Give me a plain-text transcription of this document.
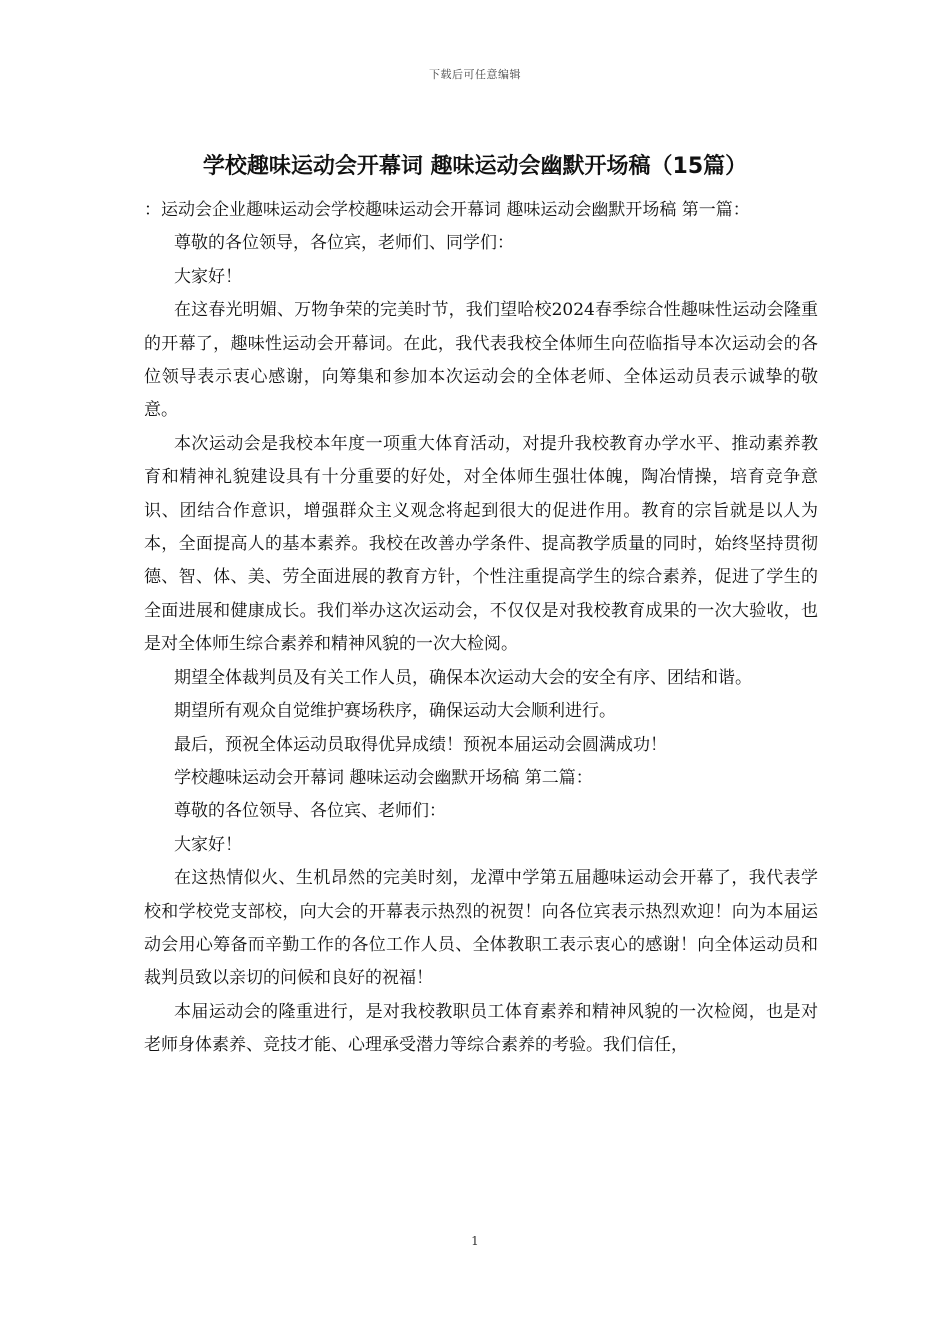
下载后可任意编辑
学校趣味运动会开幕词 趣味运动会幽默开场稿（15篇）

：运动会企业趣味运动会学校趣味运动会开幕词 趣味运动会幽默开场稿 第一篇：

尊敬的各位领导，各位宾，老师们、同学们：

大家好！

在这春光明媚、万物争荣的完美时节，我们望哈校2024春季综合性趣味性运动会隆重的开幕了，趣味性运动会开幕词。在此，我代表我校全体师生向莅临指导本次运动会的各位领导表示衷心感谢，向筹集和参加本次运动会的全体老师、全体运动员表示诚挚的敬意。

本次运动会是我校本年度一项重大体育活动，对提升我校教育办学水平、推动素养教育和精神礼貌建设具有十分重要的好处，对全体师生强壮体魄，陶冶情操，培育竞争意识、团结合作意识，增强群众主义观念将起到很大的促进作用。教育的宗旨就是以人为本，全面提高人的基本素养。我校在改善办学条件、提高教学质量的同时，始终坚持贯彻德、智、体、美、劳全面进展的教育方针，个性注重提高学生的综合素养，促进了学生的全面进展和健康成长。我们举办这次运动会，不仅仅是对我校教育成果的一次大验收，也是对全体师生综合素养和精神风貌的一次大检阅。

期望全体裁判员及有关工作人员，确保本次运动大会的安全有序、团结和谐。

期望所有观众自觉维护赛场秩序，确保运动大会顺利进行。

最后，预祝全体运动员取得优异成绩！预祝本届运动会圆满成功！

学校趣味运动会开幕词 趣味运动会幽默开场稿 第二篇：

尊敬的各位领导、各位宾、老师们：

大家好！

在这热情似火、生机昂然的完美时刻，龙潭中学第五届趣味运动会开幕了，我代表学校和学校党支部校，向大会的开幕表示热烈的祝贺！向各位宾表示热烈欢迎！向为本届运动会用心筹备而辛勤工作的各位工作人员、全体教职工表示衷心的感谢！向全体运动员和裁判员致以亲切的问候和良好的祝福！

本届运动会的隆重进行，是对我校教职员工体育素养和精神风貌的一次检阅，也是对老师身体素养、竞技才能、心理承受潜力等综合素养的考验。我们信任，

1
